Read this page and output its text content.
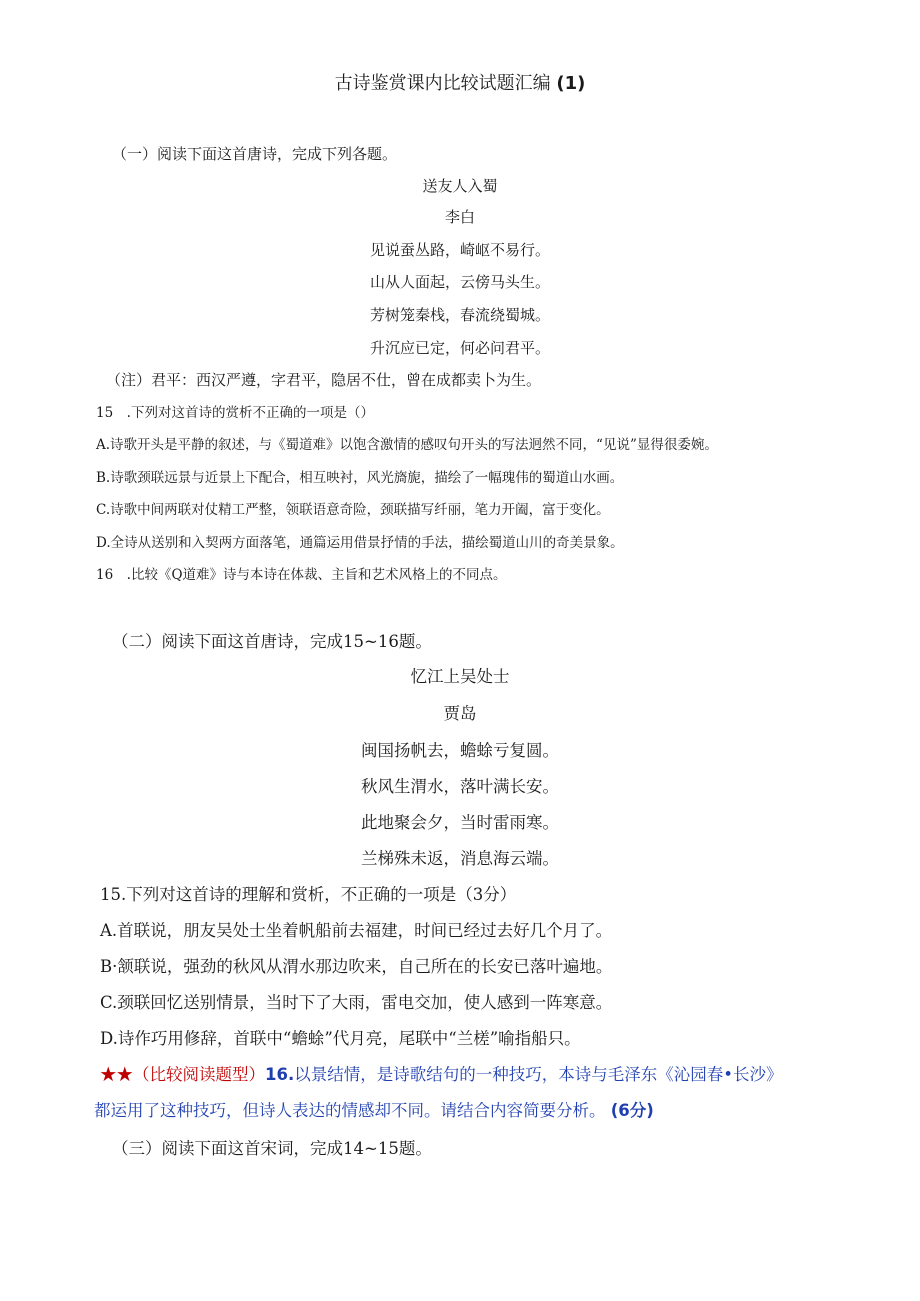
古诗鉴赏课内比较试题汇编 (1)
（一）阅读下面这首唐诗，完成下列各题。
送友人入蜀
李白
见说蚕丛路，崎岖不易行。
山从人面起，云傍马头生。
芳树笼秦栈，春流绕蜀城。
升沉应已定，何必问君平。
（注）君平：西汉严遵，字君平，隐居不仕，曾在成都卖卜为生。
15　.下列对这首诗的赏析不正确的一项是（）
A.诗歌开头是平静的叙述，与《蜀道难》以饱含激情的感叹句开头的写法迥然不同，“见说”显得很委婉。
B.诗歌颈联远景与近景上下配合，相互映衬，风光旖旎，描绘了一幅瑰伟的蜀道山水画。
C.诗歌中间两联对仗精工严整，领联语意奇险，颈联描写纤丽，笔力开阖，富于变化。
D.全诗从送别和入契两方面落笔，通篇运用借景抒情的手法，描绘蜀道山川的奇美景象。
16　.比较《Q道难》诗与本诗在体裁、主旨和艺术风格上的不同点。
（二）阅读下面这首唐诗，完成15~16题。
忆江上吴处士
贾岛
闽国扬帆去，蟾蜍亏复圆。
秋风生渭水，落叶满长安。
此地聚会夕，当时雷雨寒。
兰梯殊未返，消息海云端。
15.下列对这首诗的理解和赏析，不正确的一项是（3分）
A.首联说，朋友吴处士坐着帆船前去福建，时间已经过去好几个月了。
B·颔联说，强劲的秋风从渭水那边吹来，自己所在的长安已落叶遍地。
C.颈联回忆送别情景，当时下了大雨，雷电交加，使人感到一阵寒意。
D.诗作巧用修辞，首联中“蟾蜍”代月亮，尾联中“兰槎”喻指船只。
★★（比较阅读题型）16.以景结情，是诗歌结句的一种技巧，本诗与毛泽东《沁园春•长沙》
都运用了这种技巧，但诗人表达的情感却不同。请结合内容简要分析。 (6分)
（三）阅读下面这首宋词，完成14~15题。
